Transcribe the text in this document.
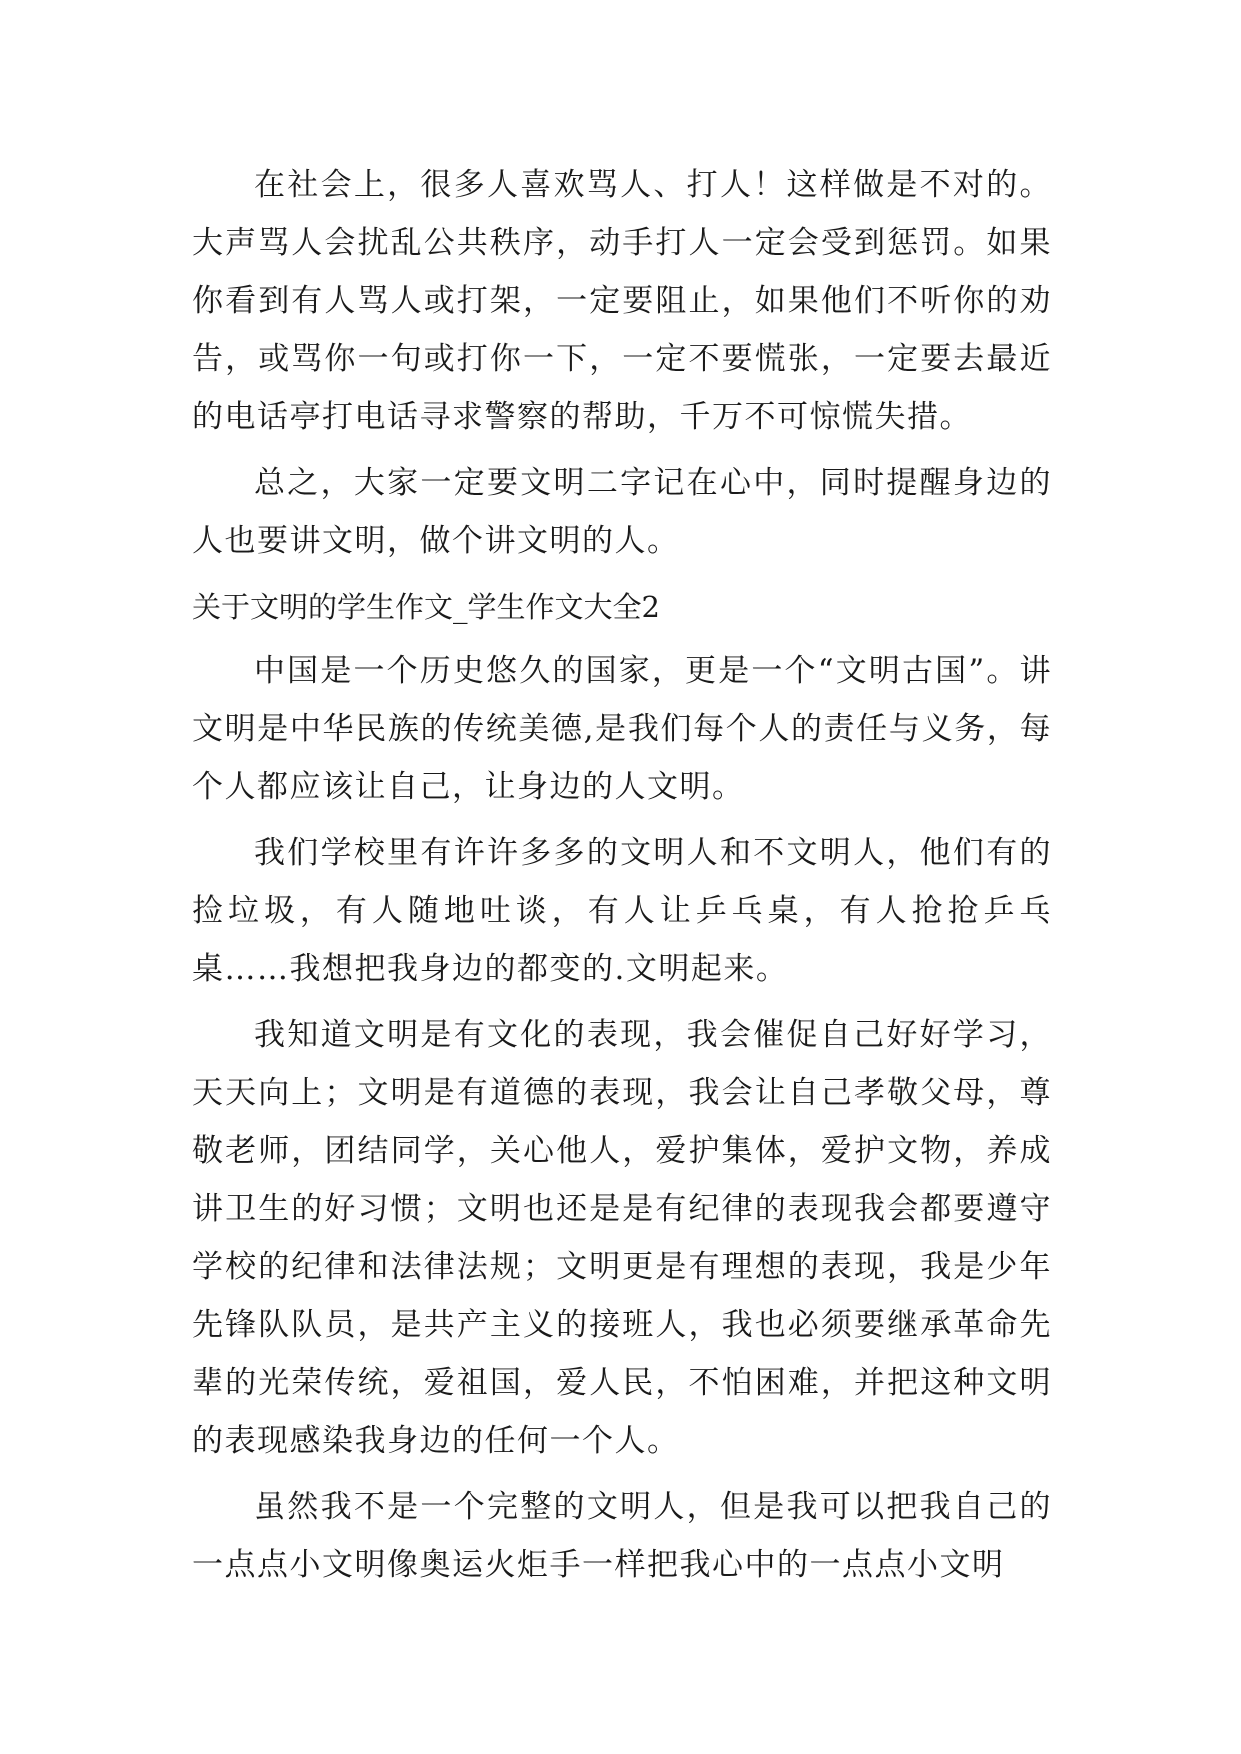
在社会上，很多人喜欢骂人、打人！这样做是不对的。大声骂人会扰乱公共秩序，动手打人一定会受到惩罚。如果你看到有人骂人或打架，一定要阻止，如果他们不听你的劝告，或骂你一句或打你一下，一定不要慌张，一定要去最近的电话亭打电话寻求警察的帮助，千万不可惊慌失措。

总之，大家一定要文明二字记在心中，同时提醒身边的人也要讲文明，做个讲文明的人。

关于文明的学生作文_学生作文大全2

中国是一个历史悠久的国家，更是一个“文明古国”。讲文明是中华民族的传统美德,是我们每个人的责任与义务，每个人都应该让自己，让身边的人文明。

我们学校里有许许多多的文明人和不文明人，他们有的捡垃圾，有人随地吐谈，有人让乒乓桌，有人抢抢乒乓桌……我想把我身边的都变的.文明起来。

我知道文明是有文化的表现，我会催促自己好好学习，天天向上；文明是有道德的表现，我会让自己孝敬父母，尊敬老师，团结同学，关心他人，爱护集体，爱护文物，养成讲卫生的好习惯；文明也还是是有纪律的表现我会都要遵守学校的纪律和法律法规；文明更是有理想的表现，我是少年先锋队队员，是共产主义的接班人，我也必须要继承革命先辈的光荣传统，爱祖国，爱人民，不怕困难，并把这种文明的表现感染我身边的任何一个人。

虽然我不是一个完整的文明人，但是我可以把我自己的一点点小文明像奥运火炬手一样把我心中的一点点小文明
